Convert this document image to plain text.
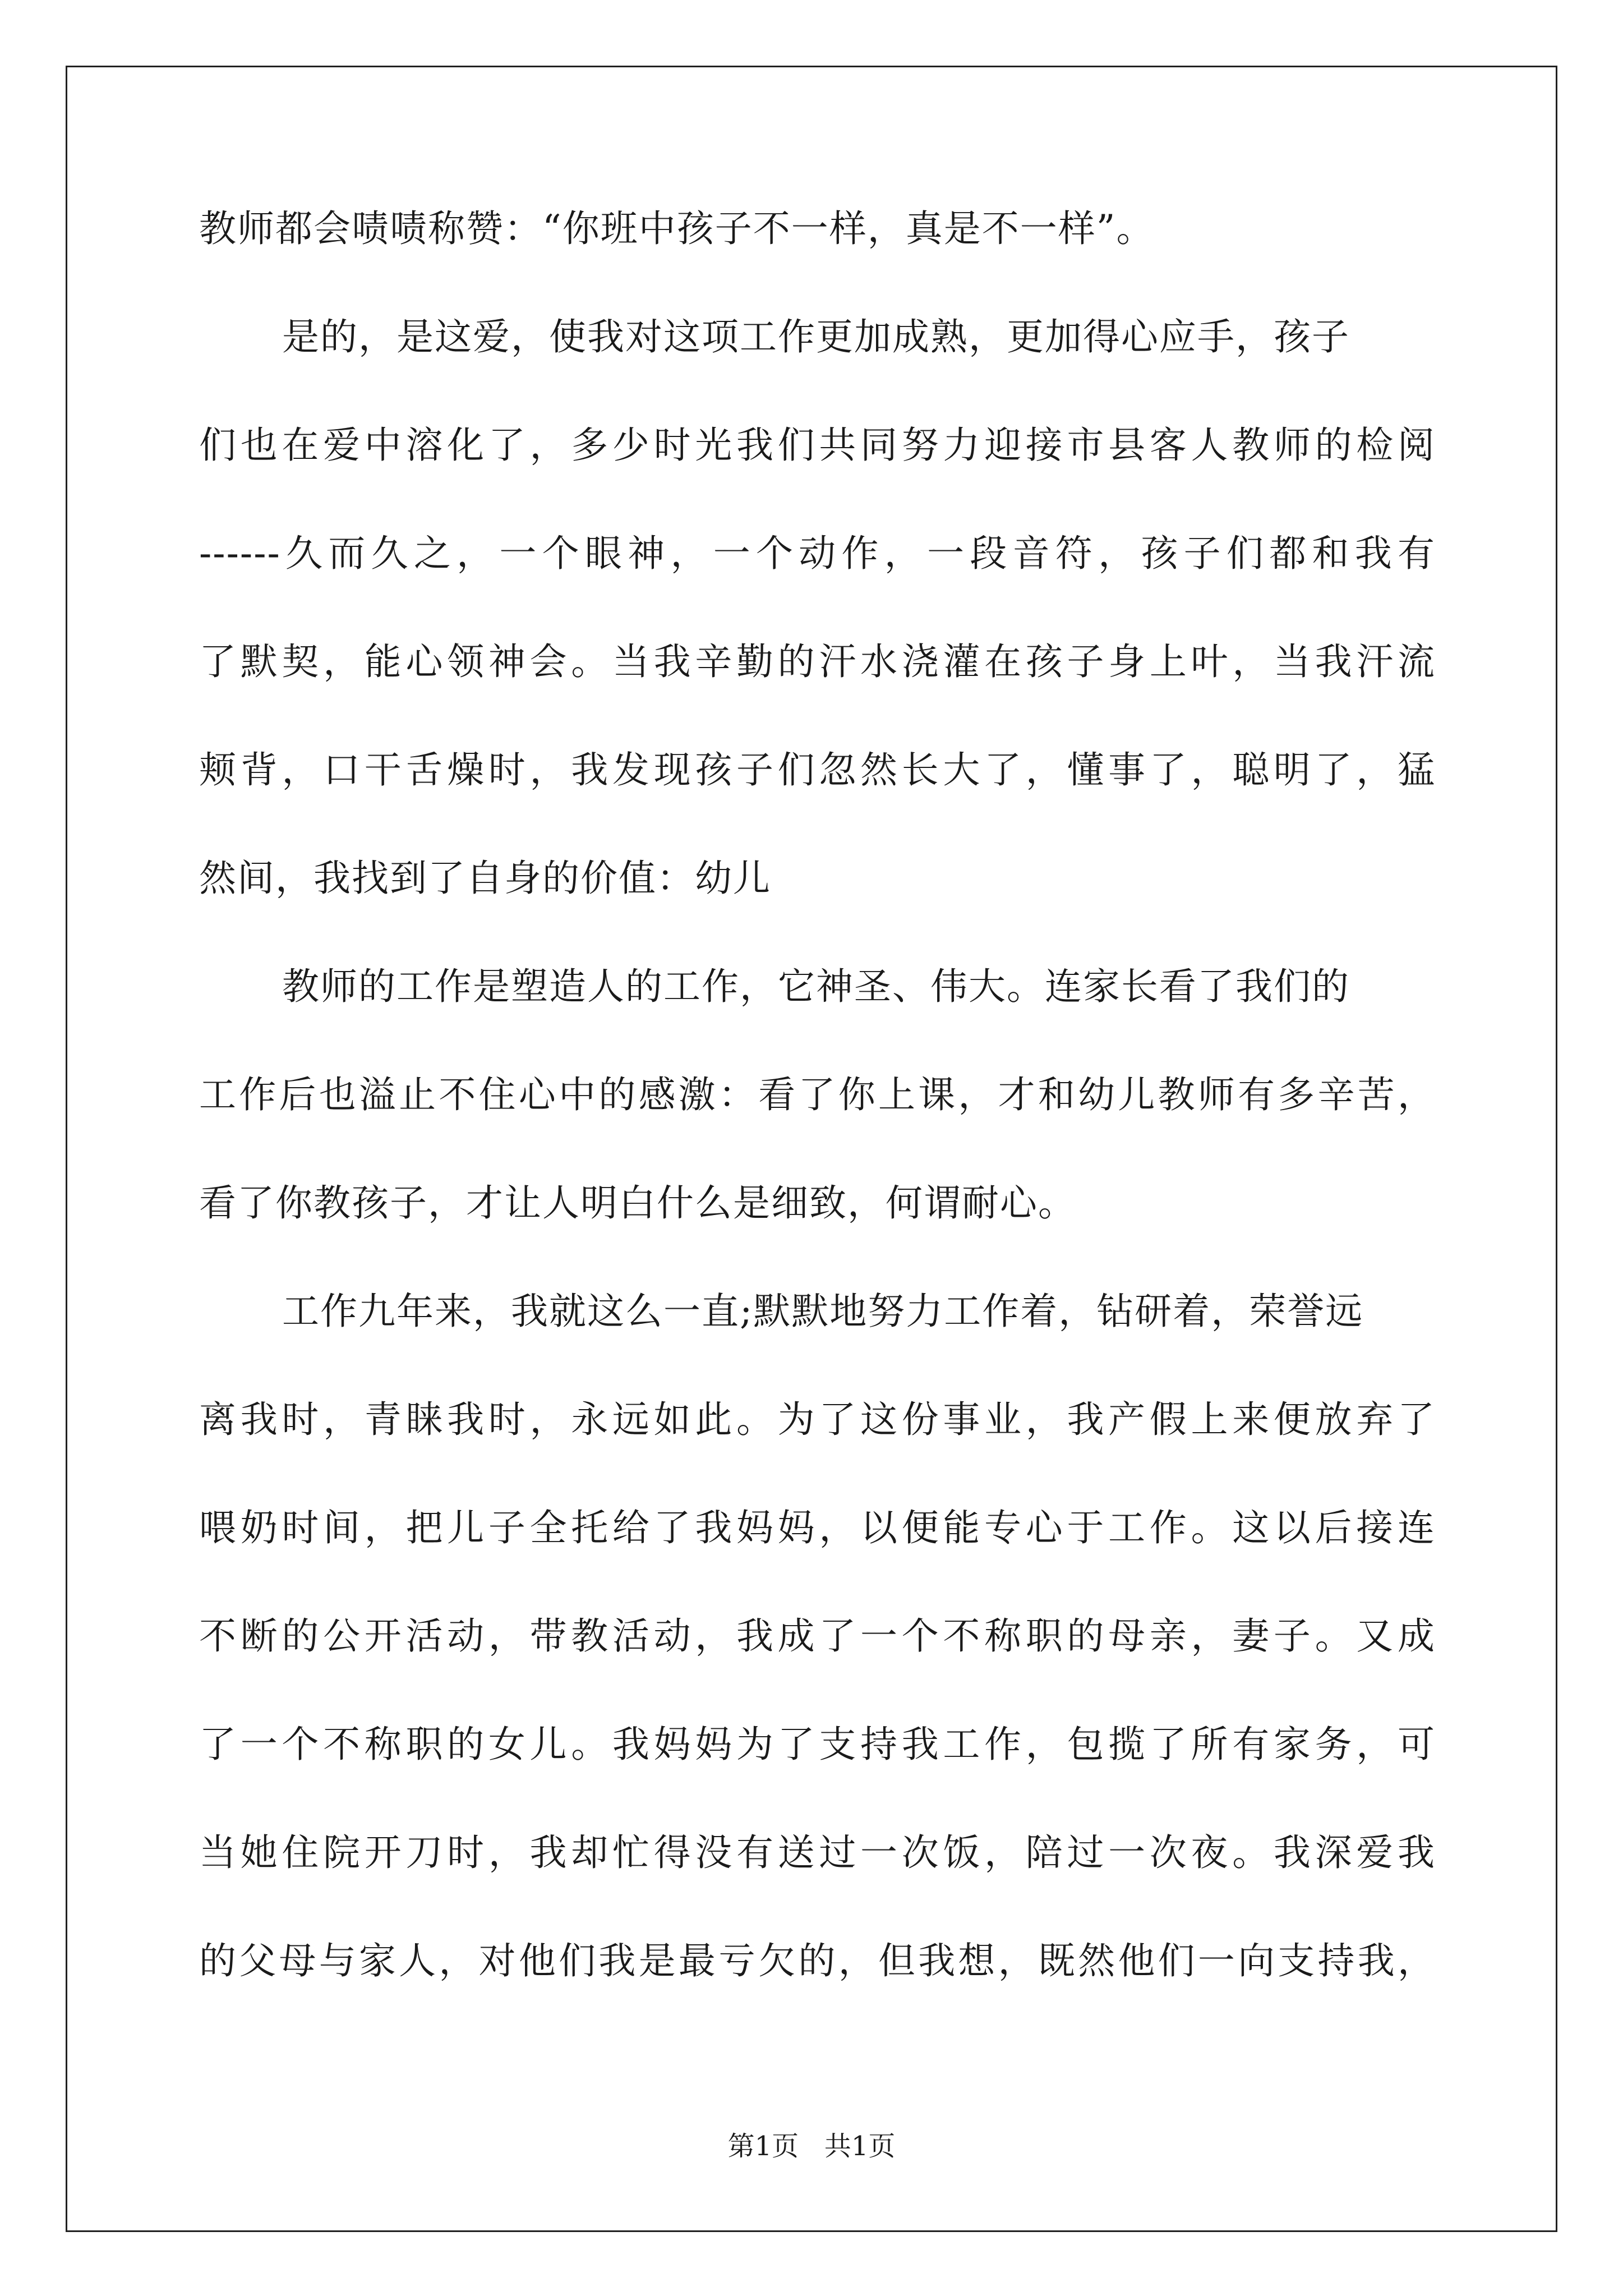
教师都会啧啧称赞：“你班中孩子不一样，真是不一样”。
是的，是这爱，使我对这项工作更加成熟，更加得心应手，孩子
们也在爱中溶化了，多少时光我们共同努力迎接市县客人教师的检阅
------久而久之，一个眼神，一个动作，一段音符，孩子们都和我有
了默契，能心领神会。当我辛勤的汗水浇灌在孩子身上叶，当我汗流
颊背，口干舌燥时，我发现孩子们忽然长大了，懂事了，聪明了，猛
然间，我找到了自身的价值：幼儿
教师的工作是塑造人的工作，它神圣、伟大。连家长看了我们的
工作后也溢止不住心中的感激：看了你上课，才和幼儿教师有多辛苦，
看了你教孩子，才让人明白什么是细致，何谓耐心。
工作九年来，我就这么一直;默默地努力工作着，钻研着，荣誉远
离我时，青睐我时，永远如此。为了这份事业，我产假上来便放弃了
喂奶时间，把儿子全托给了我妈妈，以便能专心于工作。这以后接连
不断的公开活动，带教活动，我成了一个不称职的母亲，妻子。又成
了一个不称职的女儿。我妈妈为了支持我工作，包揽了所有家务，可
当她住院开刀时，我却忙得没有送过一次饭，陪过一次夜。我深爱我
的父母与家人，对他们我是最亏欠的，但我想，既然他们一向支持我，
第1页   共1页
